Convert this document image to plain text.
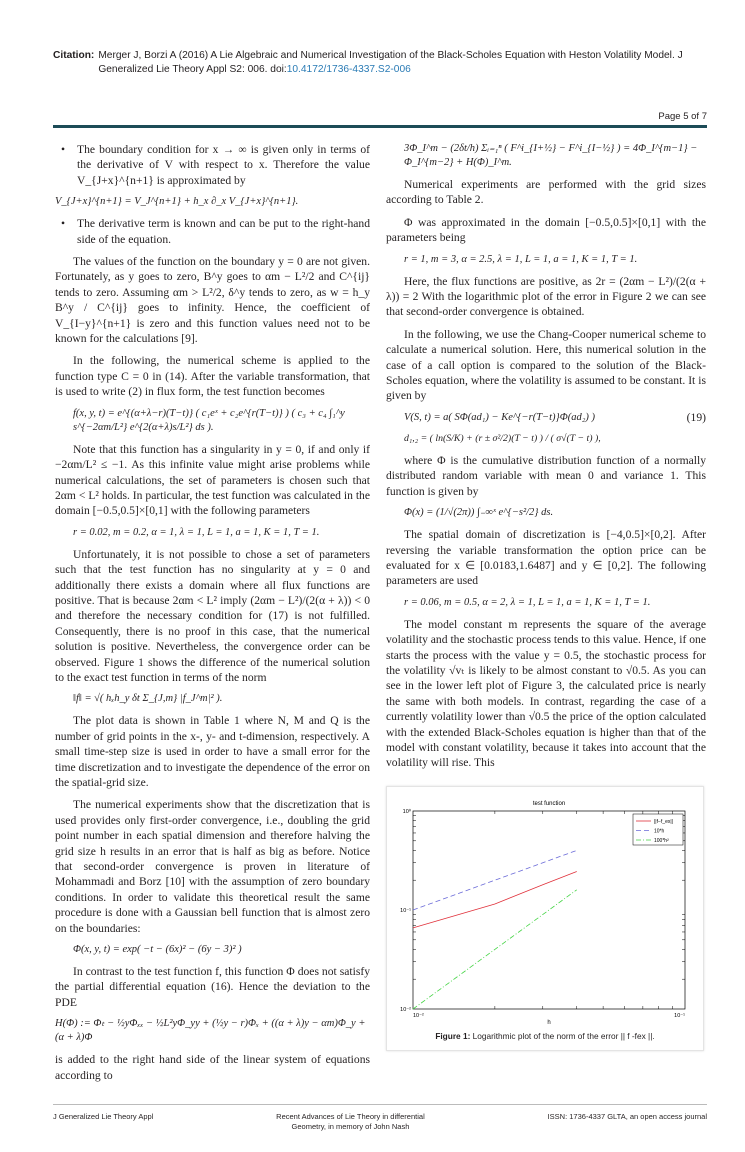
Citation: Merger J, Borzi A (2016) A Lie Algebraic and Numerical Investigation of the Black-Scholes Equation with Heston Volatility Model. J Generalized Lie Theory Appl S2: 006. doi:10.4172/1736-4337.S2-006
Page 5 of 7
• The boundary condition for x → ∞ is given only in terms of the derivative of V with respect to x. Therefore the value V_{J+x}^{n+1} is approximated by
V_{J+x}^{n+1} = V_J^{n+1} + h_x ∂_x V_{J+x}^{n+1}.
• The derivative term is known and can be put to the right-hand side of the equation.
The values of the function on the boundary y = 0 are not given. Fortunately, as y goes to zero, B^y goes to αm − L²/2 and C^{ij} tends to zero. Assuming αm > L²/2, δ^y tends to zero, as w = h_y B^y / C^{ij} goes to infinity. Hence, the coefficient of V_{I−y}^{n+1} is zero and this function values need not to be known for the calculations [9].
In the following, the numerical scheme is applied to the function type C = 0 in (14). After the variable transformation, that is used to write (2) in flux form, the test function becomes
f(x, y, t) = e^{(α+λ−r)(T−t)} ( c₁eˣ + c₂e^{r(T−t)} ) ( c₃ + c₄ ∫₁^y s^{−2αm/L²} e^{2(α+λ)s/L²} ds ).
Note that this function has a singularity in y = 0, if and only if −2αm/L² ≤ −1. As this infinite value might arise problems while numerical calculations, the set of parameters is chosen such that 2αm < L² holds. In particular, the test function was calculated in the domain [−0.5,0.5]×[0,1] with the following parameters
r = 0.02, m = 0.2, α = 1, λ = 1, L = 1, a = 1, K = 1, T = 1.
Unfortunately, it is not possible to chose a set of parameters such that the test function has no singularity at y = 0 and additionally there exists a domain where all flux functions are positive. That is because 2αm < L² imply (2αm − L²)/(2(α + λ)) < 0 and therefore the necessary condition for (17) is not fulfilled. Consequently, there is no proof in this case, that the numerical solution is positive. Nevertheless, the convergence order can be observed. Figure 1 shows the difference of the numerical solution to the exact test function in terms of the norm
‖f‖ = √( hₓh_y δt Σ_{J,m} |f_J^m|² ).
The plot data is shown in Table 1 where N, M and Q is the number of grid points in the x-, y- and t-dimension, respectively. A small time-step size is used in order to have a small error for the time discretization and to investigate the dependence of the error on the spatial-grid size.
The numerical experiments show that the discretization that is used provides only first-order convergence, i.e., doubling the grid point number in each spatial dimension and therefore halving the grid size h results in an error that is half as big as before. Notice that second-order convergence is proven in literature of Mohammadi and Borz [10] with the assumption of zero boundary conditions. In order to validate this theoretical result the same procedure is done with a Gaussian bell function that is almost zero on the boundaries:
Φ(x, y, t) = exp( −t − (6x)² − (6y − 3)² )
In contrast to the test function f, this function Φ does not satisfy the partial differential equation (16). Hence the deviation to the PDE
H(Φ) := Φₜ − ½yΦₓₓ − ½L²yΦ_yy + (½y − r)Φₓ + ((α + λ)y − αm)Φ_y + (α + λ)Φ
is added to the right hand side of the linear system of equations according to
3Φ_I^m − (2δt/h) Σᵢ₌₁ⁿ ( F^i_{I+½} − F^i_{I−½} ) = 4Φ_I^{m−1} − Φ_I^{m−2} + H(Φ)_I^m.
Numerical experiments are performed with the grid sizes according to Table 2.
Φ was approximated in the domain [−0.5,0.5]×[0,1] with the parameters being
r = 1, m = 3, α = 2.5, λ = 1, L = 1, a = 1, K = 1, T = 1.
Here, the flux functions are positive, as 2r = (2αm − L²)/(2(α + λ)) = 2 With the logarithmic plot of the error in Figure 2 we can see that second-order convergence is obtained.
In the following, we use the Chang-Cooper numerical scheme to calculate a numerical solution. Here, this numerical solution in the case of a call option is compared to the solution of the Black-Scholes equation, where the volatility is assumed to be constant. It is given by
V(S, t) = a( SΦ(ad₁) − Ke^{−r(T−t)}Φ(ad₂) )	(19)
d₁,₂ = ( ln(S/K) + (r ± σ²/2)(T − t) ) / ( σ√(T − t) ),
where Φ is the cumulative distribution function of a normally distributed random variable with mean 0 and variance 1. This function is given by
Φ(x) = (1/√(2π)) ∫₋∞ˣ e^{−s²/2} ds.
The spatial domain of discretization is [−4,0.5]×[0,2]. After reversing the variable transformation the option price can be evaluated for x ∈ [0.0183,1.6487] and y ∈ [0,2]. The following parameters are used
r = 0.06, m = 0.5, α = 2, λ = 1, L = 1, a = 1, K = 1, T = 1.
The model constant m represents the square of the average volatility and the stochastic process tends to this value. Hence, if one starts the process with the value y = 0.5, the stochastic process for the volatility √vₜ is likely to be almost constant to √0.5. As you can see in the lower left plot of Figure 3, the calculated price is nearly the same with both models. In contrast, regarding the case of a currently volatility lower than √0.5 the price of the option calculated with the extended Black-Scholes equation is higher than that of the model with constant volatility, because it takes into account that the volatility will rise. This
test function
10⁻²	10⁻¹
10⁻²
10⁻¹
10⁰
h
||f−f_ex||
10*h
100*h²
Figure 1: Logarithmic plot of the norm of the error || f -fex ||.
J Generalized Lie Theory Appl	Recent Advances of Lie Theory in differential
Geometry, in memory of John Nash
ISSN: 1736-4337 GLTA, an open access journal
